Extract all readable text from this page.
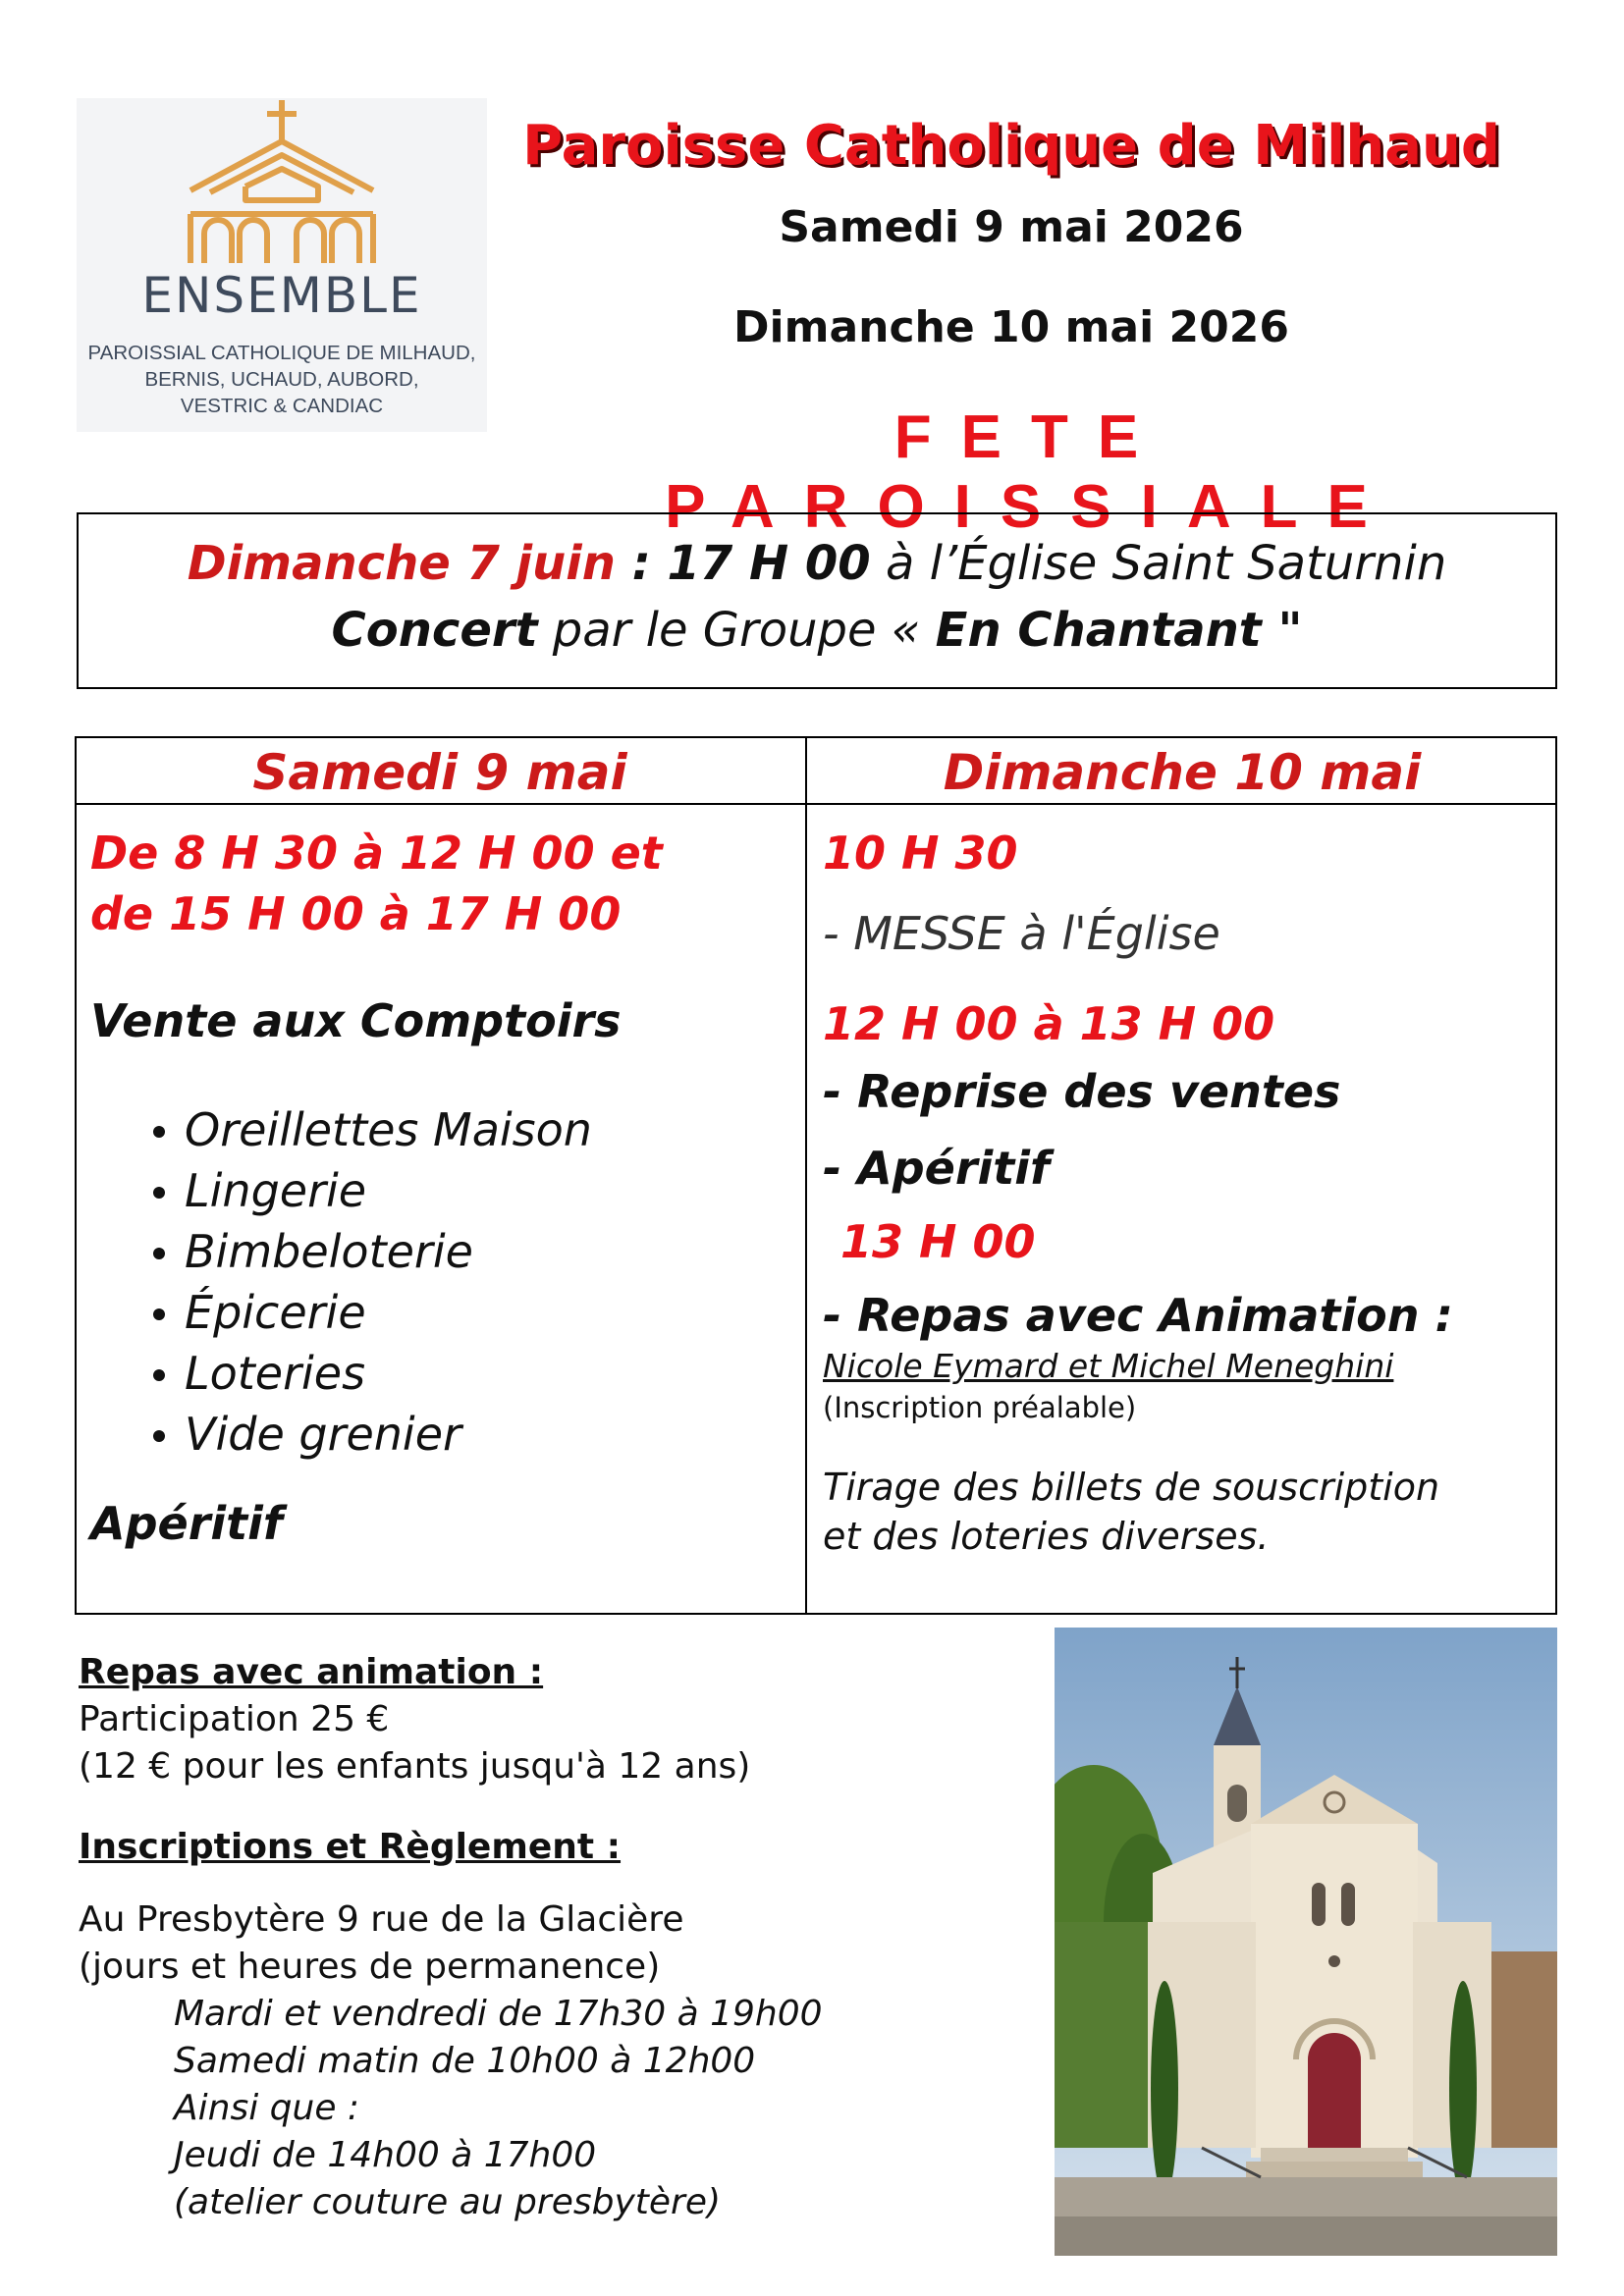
ENSEMBLE
PAROISSIAL CATHOLIQUE DE MILHAUD,
BERNIS, UCHAUD, AUBORD,
VESTRIC & CANDIAC
Paroisse Catholique de Milhaud
Samedi 9 mai 2026
Dimanche 10 mai 2026
FETE PAROISSIALE
Dimanche 7 juin : 17 H 00 à l’Église Saint Saturnin
Concert par le Groupe « En Chantant "
Samedi 9 mai	Dimanche 10 mai
De 8 H 30 à 12 H 00 et
de 15 H 00 à 17 H 00
Vente aux Comptoirs
Oreillettes Maison
Lingerie
Bimbeloterie
Épicerie
Loteries
Vide grenier
Apéritif
10 H 30
- MESSE à l'Église
12 H 00 à 13 H 00
- Reprise des ventes
- Apéritif
13 H 00
- Repas avec Animation :
Nicole Eymard et Michel Meneghini
(Inscription préalable)
Tirage des billets de souscription
et des loteries diverses.
Repas avec animation :
Participation 25 €
(12 € pour les enfants jusqu'à 12 ans)
Inscriptions et Règlement :
Au Presbytère 9 rue de la Glacière
(jours et heures de permanence)
Mardi et vendredi de 17h30 à 19h00
Samedi matin de 10h00 à 12h00
Ainsi que :
Jeudi de 14h00 à 17h00
(atelier couture au presbytère)
